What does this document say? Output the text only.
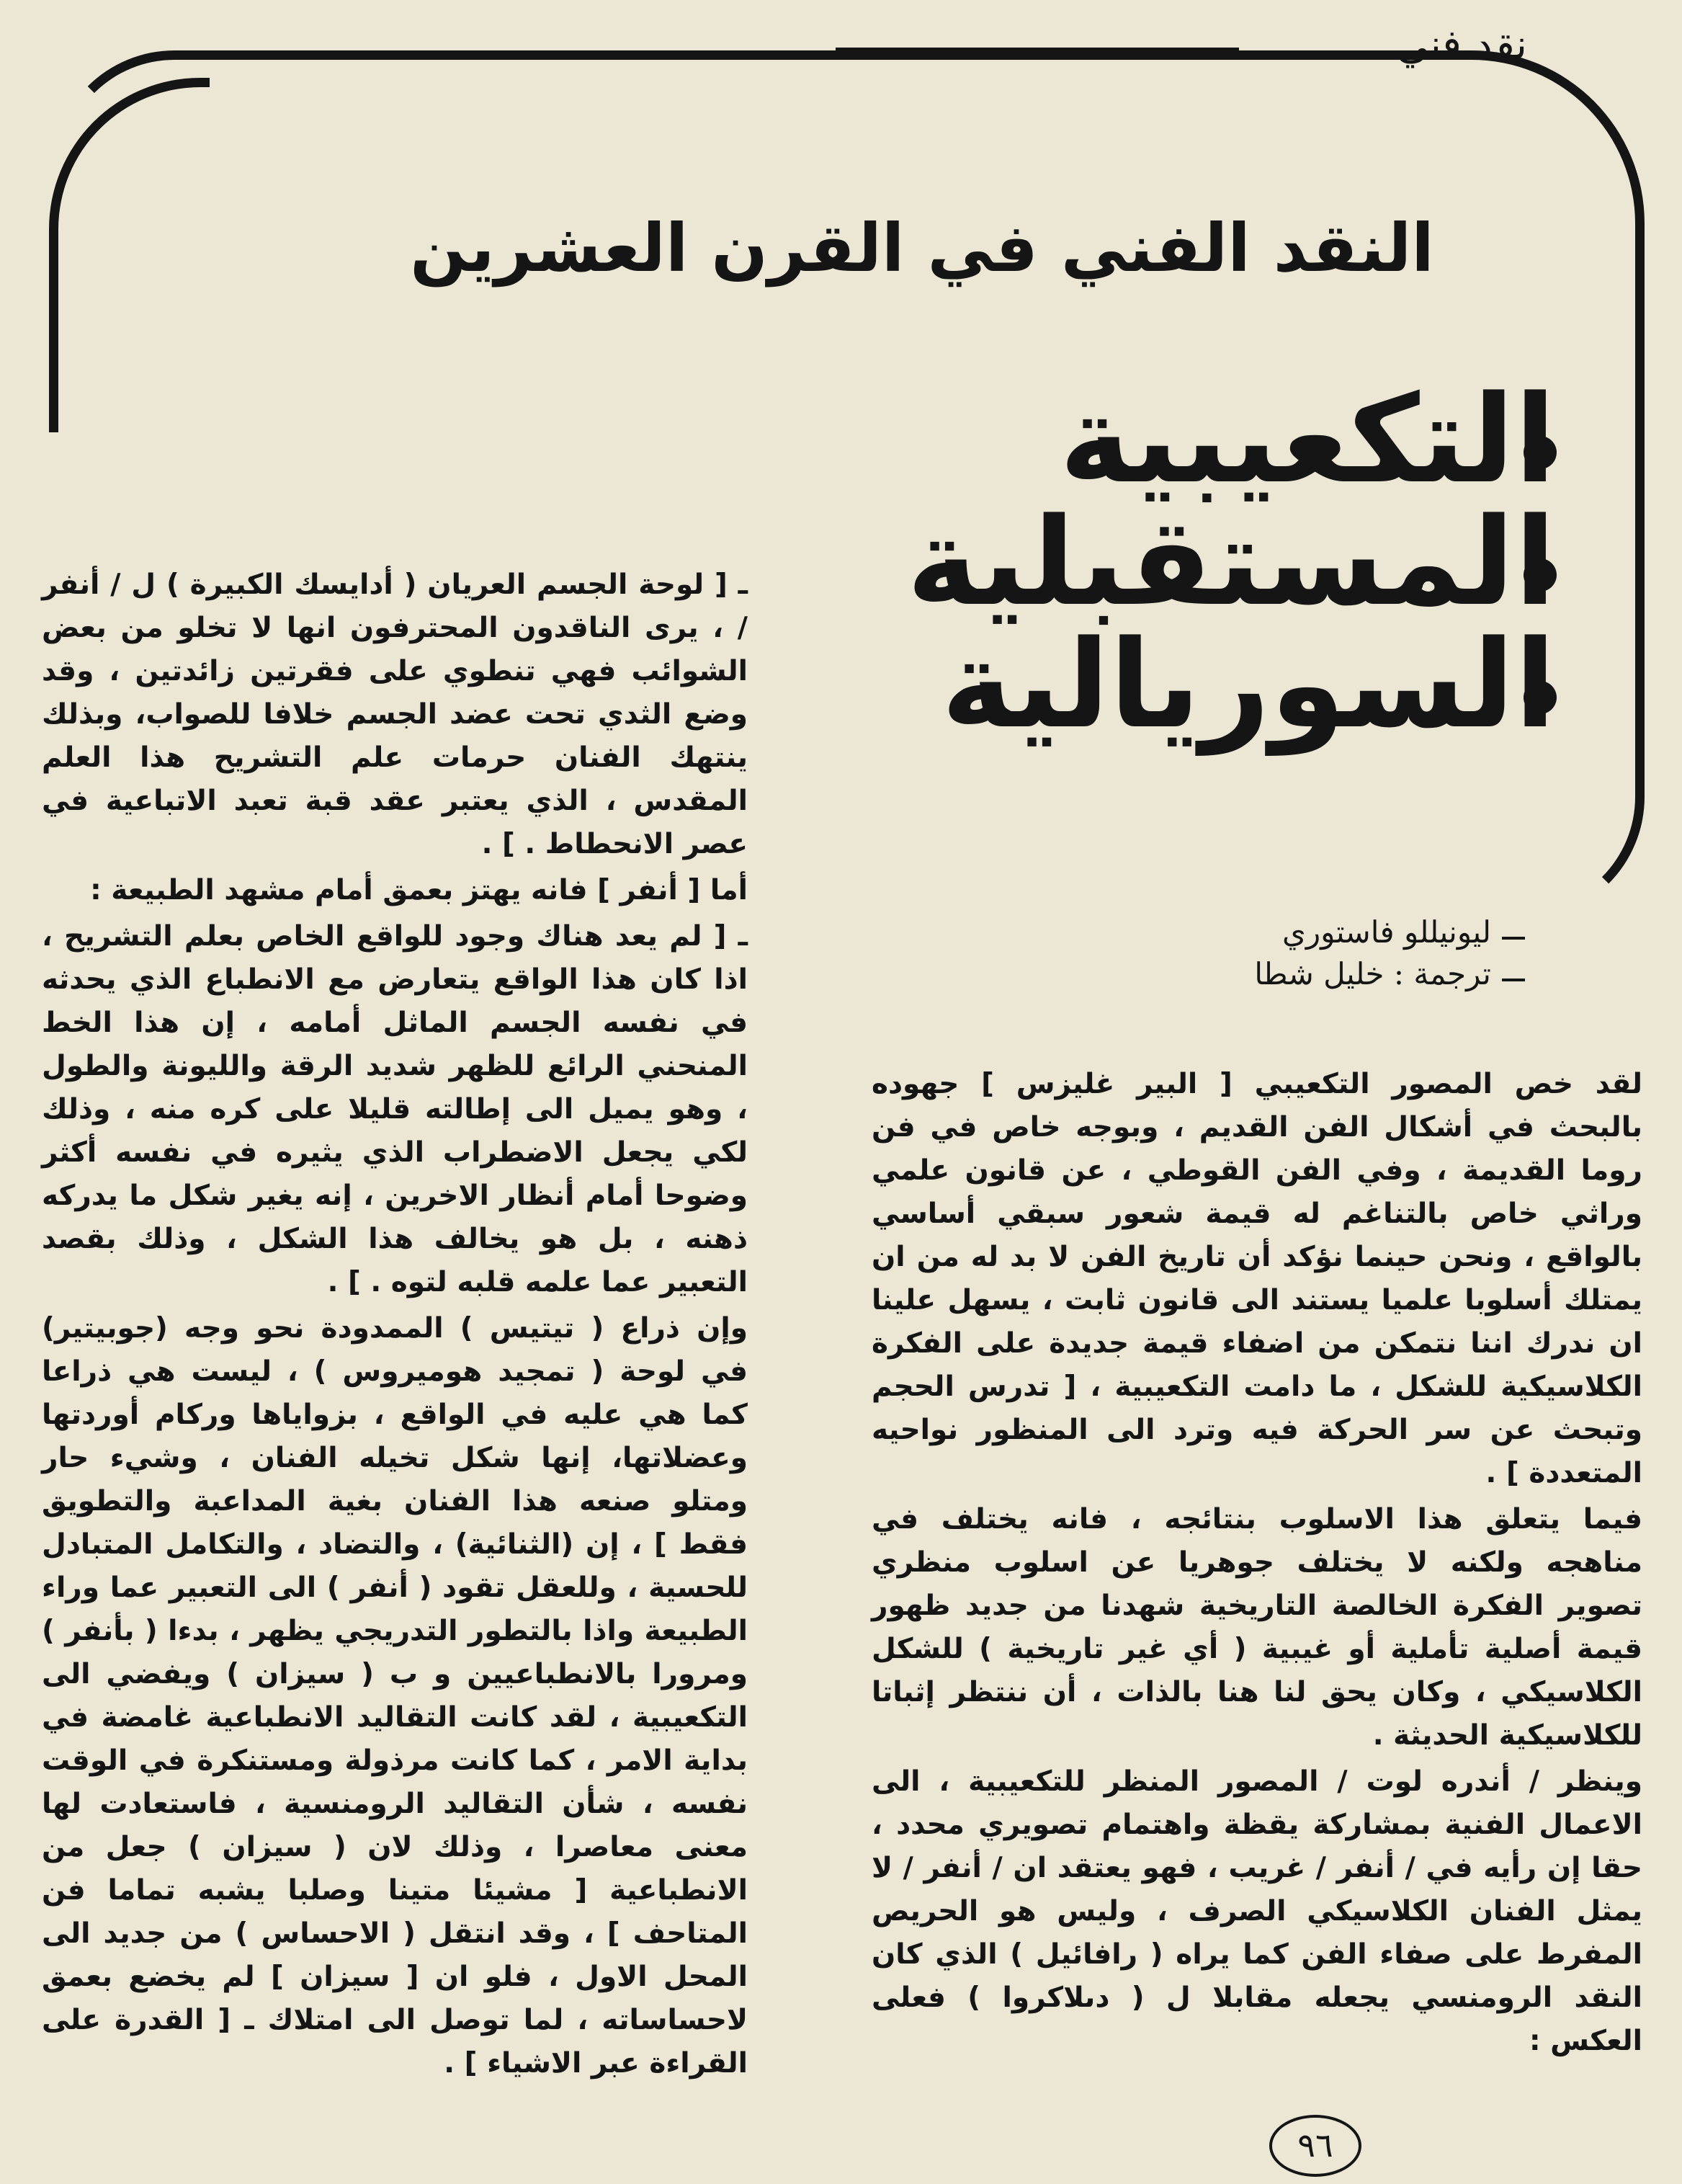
نقد فني
النقد الفني في القرن العشرين
التكعيبية
المستقبلية
السوريالية
ليونيللو فاستوري
ترجمة : خليل شطا

ـ [ لوحة الجسم العريان ( أدايسك الكبيرة ) ل / أنفر / ، يرى الناقدون المحترفون انها لا تخلو من بعض الشوائب فهي تنطوي على فقرتين زائدتين ، وقد وضع الثدي تحت عضد الجسم خلافا للصواب، وبذلك ينتهك الفنان حرمات علم التشريح هذا العلم المقدس ، الذي يعتبر عقد قبة تعبد الاتباعية في عصر الانحطاط . ] .

أما [ أنفر ] فانه يهتز بعمق أمام مشهد الطبيعة :

ـ [ لم يعد هناك وجود للواقع الخاص بعلم التشريح ، اذا كان هذا الواقع يتعارض مع الانطباع الذي يحدثه في نفسه الجسم الماثل أمامه ، إن هذا الخط المنحني الرائع للظهر شديد الرقة والليونة والطول ، وهو يميل الى إطالته قليلا على كره منه ، وذلك لكي يجعل الاضطراب الذي يثيره في نفسه أكثر وضوحا أمام أنظار الاخرين ، إنه يغير شكل ما يدركه ذهنه ، بل هو يخالف هذا الشكل ، وذلك بقصد التعبير عما علمه قلبه لتوه . ] .

وإن ذراع ( تيتيس ) الممدودة نحو وجه (جوبيتير) في لوحة ( تمجيد هوميروس ) ، ليست هي ذراعا كما هي عليه في الواقع ، بزواياها وركام أوردتها وعضلاتها، إنها شكل تخيله الفنان ، وشيء حار ومتلو صنعه هذا الفنان بغية المداعبة والتطويق فقط ] ، إن (الثنائية) ، والتضاد ، والتكامل المتبادل للحسية ، وللعقل تقود ( أنفر ) الى التعبير عما وراء الطبيعة واذا بالتطور التدريجي يظهر ، بدءا ( بأنفر ) ومرورا بالانطباعيين و ب ( سيزان ) ويفضي الى التكعيبية ، لقد كانت التقاليد الانطباعية غامضة في بداية الامر ، كما كانت مرذولة ومستنكرة في الوقت نفسه ، شأن التقاليد الرومنسية ، فاستعادت لها معنى معاصرا ، وذلك لان ( سيزان ) جعل من الانطباعية [ مشيئا متينا وصلبا يشبه تماما فن المتاحف ] ، وقد انتقل ( الاحساس ) من جديد الى المحل الاول ، فلو ان [ سيزان ] لم يخضع بعمق لاحساساته ، لما توصل الى امتلاك ـ [ القدرة على القراءة عبر الاشياء ] .

لقد خص المصور التكعيبي [ البير غليزس ] جهوده بالبحث في أشكال الفن القديم ، وبوجه خاص في فن روما القديمة ، وفي الفن القوطي ، عن قانون علمي وراثي خاص بالتناغم له قيمة شعور سبقي أساسي بالواقع ، ونحن حينما نؤكد أن تاريخ الفن لا بد له من ان يمتلك أسلوبا علميا يستند الى قانون ثابت ، يسهل علينا ان ندرك اننا نتمكن من اضفاء قيمة جديدة على الفكرة الكلاسيكية للشكل ، ما دامت التكعيبية ، [ تدرس الحجم وتبحث عن سر الحركة فيه وترد الى المنظور نواحيه المتعددة ] .

فيما يتعلق هذا الاسلوب بنتائجه ، فانه يختلف في مناهجه ولكنه لا يختلف جوهريا عن اسلوب منظري تصوير الفكرة الخالصة التاريخية شهدنا من جديد ظهور قيمة أصلية تأملية أو غيبية ( أي غير تاريخية ) للشكل الكلاسيكي ، وكان يحق لنا هنا بالذات ، أن ننتظر إثباتا للكلاسيكية الحديثة .

وينظر / أندره لوت / المصور المنظر للتكعيبية ، الى الاعمال الفنية بمشاركة يقظة واهتمام تصويري محدد ، حقا إن رأيه في / أنفر / غريب ، فهو يعتقد ان / أنفر / لا يمثل الفنان الكلاسيكي الصرف ، وليس هو الحريص المفرط على صفاء الفن كما يراه ( رافائيل ) الذي كان النقد الرومنسي يجعله مقابلا ل ( دىلاكروا ) فعلى العكس :

٩٦
